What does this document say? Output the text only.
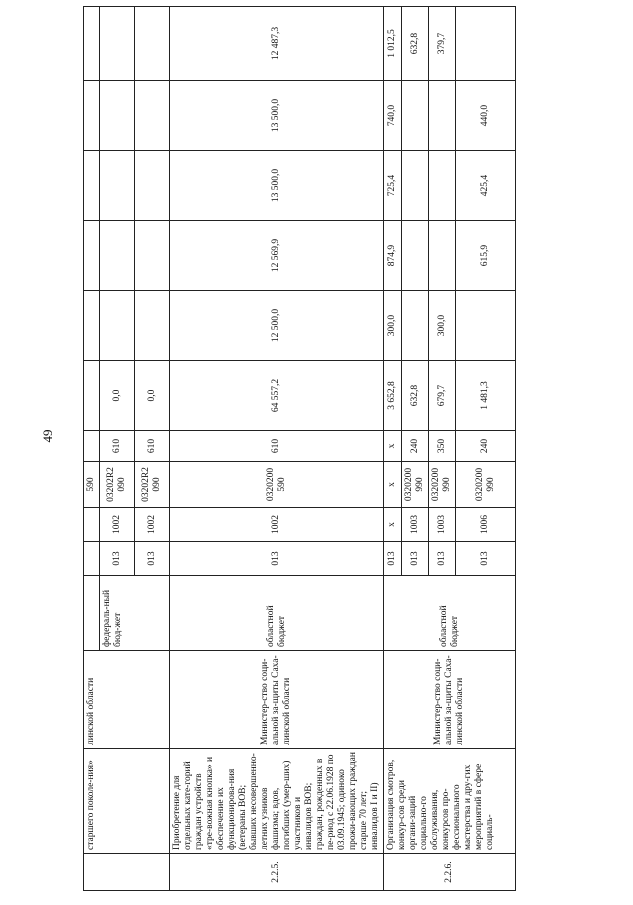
49
	старшего поколе-ния»	линской области				590							
			федераль-ный бюд-жет	013	1002	03202R2 090	610	0,0					
				013	1002	03202R2 090	610	0,0					
2.2.5.	Приобретение для отдельных кате-горий граждан устройств «тре-вожная кнопка» и обеспечение их функционирова-ния (ветераны ВОВ; бывших несовершенно-летних узников фашизма; вдов, погибших (умер-ших) участников и инвалидов ВОВ; граждан, рожденных в пе-риод с 22.06.1928 по 03.09.1945; одиноко прожи-вающих граждан старше 70 лет; инвалидов I и II)	Министер-ство соци-альной за-щиты Саха-линской области	областной бюджет	013	1002	0320200 590	610	64 557,2	12 500,0	12 569,9	13 500,0	13 500,0	12 487,3
2.2.6.	Организация смотров, конкур-сов среди органи-заций социально-го обслуживания, конкурсов про-фессионального мастерства и дру-гих мероприятий в сфере социаль-	Министер-ство соци-альной за-щиты Саха-линской области	областной бюджет	013	х	х	х	3 652,8	300,0	874,9	725,4	740,0	1 012,5
				013	1003	0320200 990	240	632,8					632,8
				013	1003	0320200 990	350	679,7	300,0				379,7
				013	1006	0320200 990	240	1 481,3		615,9	425,4	440,0	
